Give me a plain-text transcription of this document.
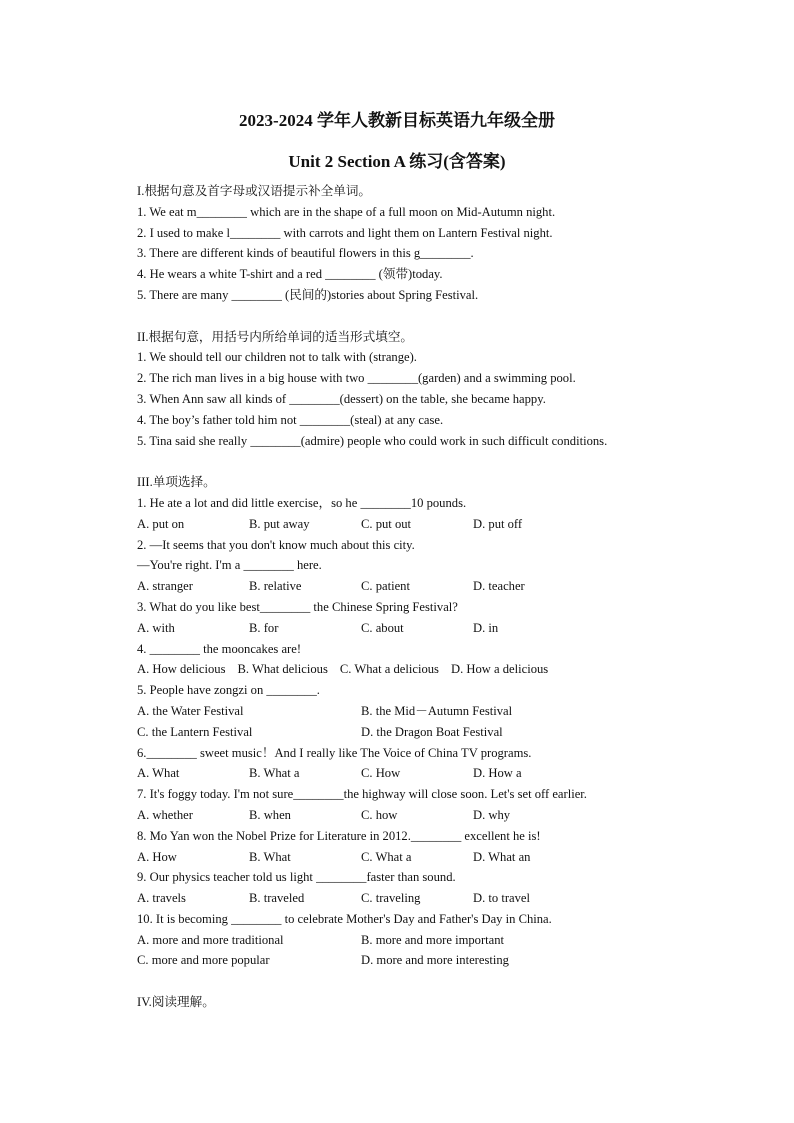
2023-2024 学年人教新目标英语九年级全册
Unit 2 Section A 练习(含答案)
I.根据句意及首字母或汉语提示补全单词。
1. We eat m________ which are in the shape of a full moon on Mid-Autumn night.
2. I used to make l________ with carrots and light them on Lantern Festival night.
3. There are different kinds of beautiful flowers in this g________.
4. He wears a white T-shirt and a red ________ (领带)today.
5. There are many ________ (民间的)stories about Spring Festival.
II.根据句意，用括号内所给单词的适当形式填空。
1. We should tell our children not to talk with (strange).
2. The rich man lives in a big house with two ________(garden) and a swimming pool.
3. When Ann saw all kinds of ________(dessert) on the table, she became happy.
4. The boy’s father told him not ________(steal) at any case.
5. Tina said she really ________(admire) people who could work in such difficult conditions.
III.单项选择。
1. He ate a lot and did little exercise，so he ________10 pounds.
A. put on	B. put away	C. put out	D. put off
2. —It seems that you don't know much about this city.
—You're right. I'm a ________ here.
A. stranger	B. relative	C. patient	D. teacher
3. What do you like best________ the Chinese Spring Festival?
A. with	B. for	C. about	D. in
4. ________ the mooncakes are!
A. How delicious B. What delicious C. What a delicious D. How a delicious
5. People have zongzi on ________.
A. the Water Festival	B. the Mid－Autumn Festival
C. the Lantern Festival	D. the Dragon Boat Festival
6.________ sweet music！And I really like The Voice of China TV programs.
A. What	B. What a	C. How	D. How a
7. It's foggy today. I'm not sure________the highway will close soon. Let's set off earlier.
A. whether	B. when	C. how	D. why
8. Mo Yan won the Nobel Prize for Literature in 2012.________ excellent he is!
A. How	B. What	C. What a	D. What an
9. Our physics teacher told us light ________faster than sound.
A. travels	B. traveled	C. traveling	D. to travel
10. It is becoming ________ to celebrate Mother's Day and Father's Day in China.
A. more and more traditional	B. more and more important
C. more and more popular	D. more and more interesting
IV.阅读理解。
